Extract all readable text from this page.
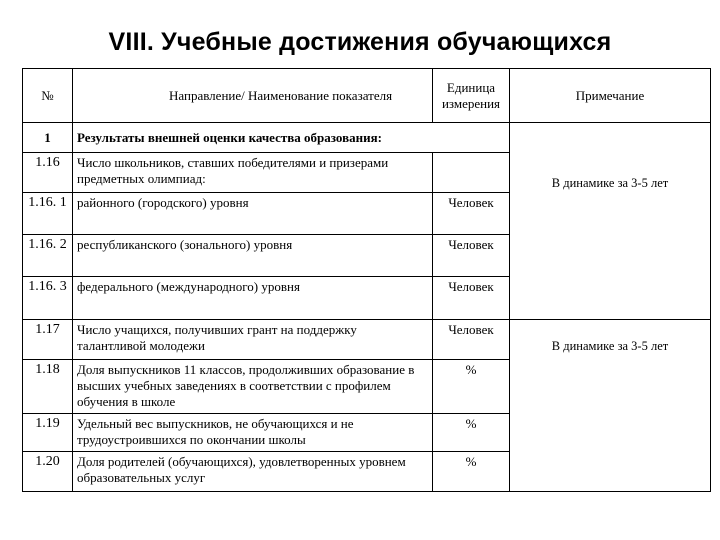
VIII. Учебные достижения обучающихся
№	Направление/ Наименование показателя	Единица измерения	Примечание
1	Результаты внешней оценки качества образования:		В динамике за 3-5 лет
1.16	Число школьников, ставших победителями и призерами предметных олимпиад:		
1.16. 1	районного (городского) уровня	Человек	
1.16. 2	республиканского (зонального) уровня	Человек	
1.16. 3	федерального (международного) уровня	Человек	
1.17	Число учащихся, получивших грант на поддержку талантливой молодежи	Человек	В динамике за 3-5 лет
1.18	Доля выпускников 11 классов, продолживших образование в высших учебных заведениях в соответствии с профилем обучения в школе	%	
1.19	Удельный вес выпускников, не обучающихся и не трудоустроившихся по окончании школы	%	
1.20	Доля родителей (обучающихся), удовлетворенных уровнем образовательных услуг	%	
